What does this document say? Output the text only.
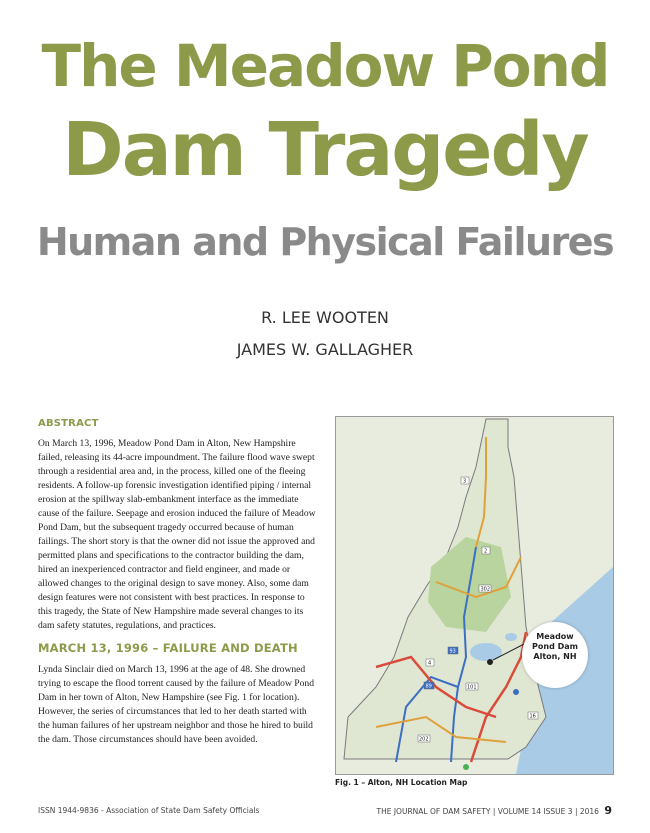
The Meadow Pond
Dam Tragedy
Human and Physical Failures
R. LEE WOOTEN
JAMES W. GALLAGHER

ABSTRACT

On March 13, 1996, Meadow Pond Dam in Alton, New Hampshire failed, releasing its 44-acre impoundment. The failure flood wave swept through a residential area and, in the process, killed one of the fleeing residents. A follow-up forensic investigation identified piping / internal erosion at the spillway slab-embankment interface as the immediate cause of the failure. Seepage and erosion induced the failure of Meadow Pond Dam, but the subsequent tragedy occurred because of human failings. The short story is that the owner did not issue the approved and permitted plans and specifications to the contractor building the dam, hired an inexperienced contractor and field engineer, and made or allowed changes to the original design to save money. Also, some dam design features were not consistent with best practices. In response to this tragedy, the State of New Hampshire made several changes to its dam safety statutes, regulations, and practices.

MARCH 13, 1996 – FAILURE AND DEATH

Lynda Sinclair died on March 13, 1996 at the age of 48. She drowned trying to escape the flood torrent caused by the failure of Meadow Pond Dam in her town of Alton, New Hampshire (see Fig. 1 for location). However, the series of circumstances that led to her death started with the human failures of her upstream neighbor and those he hired to build the dam. Those circumstances should have been avoided.

3
2
302
4
93
89
16
101
202
Meadow
Pond Dam
Alton, NH
Fig. 1 – Alton, NH Location Map
ISSN 1944-9836 - Association of State Dam Safety Officials	THE JOURNAL OF DAM SAFETY | VOLUME 14 ISSUE 3 | 2016 9
